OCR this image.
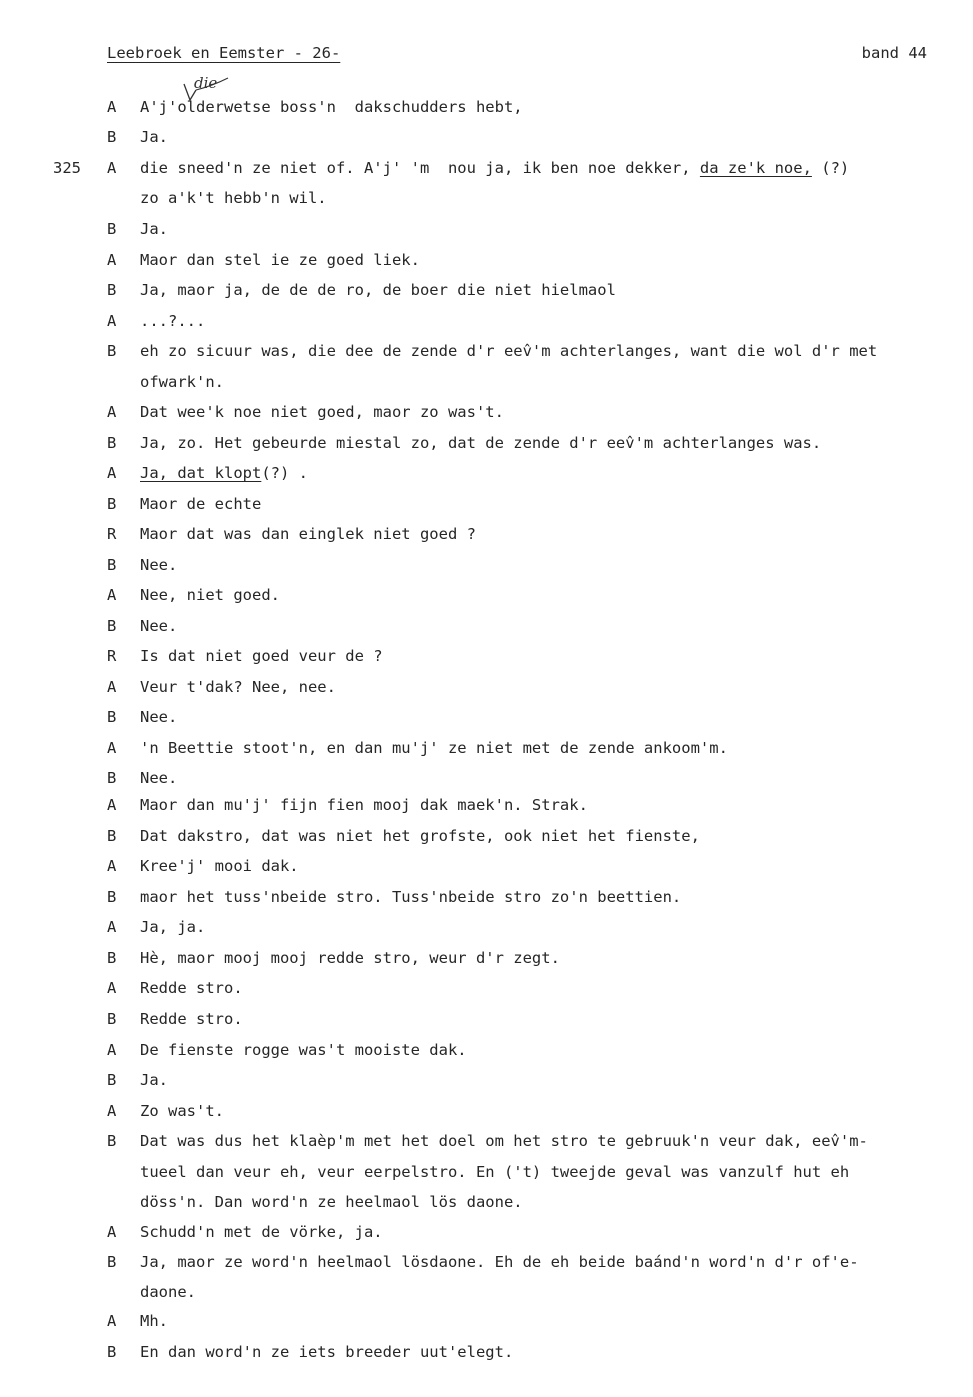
Leebroek en Eemster - 26-	band 44
die
A A'j'olderwetse boss'n  dakschudders hebt,
B Ja.
325 A die sneed'n ze niet of. A'j' 'm  nou ja, ik ben noe dekker, da ze'k noe, (?)
zo a'k't hebb'n wil.
B Ja.
A Maor dan stel ie ze goed liek.
B Ja, maor ja, de de de ro, de boer die niet hielmaol
A ...?...
B eh zo sicuur was, die dee de zende d'r eev̂'m achterlanges, want die wol d'r met
ofwark'n.
A Dat wee'k noe niet goed, maor zo was't.
B Ja, zo. Het gebeurde miestal zo, dat de zende d'r eev̂'m achterlanges was.
A Ja, dat klopt(?) .
B Maor de echte
R Maor dat was dan einglek niet goed ?
B Nee.
A Nee, niet goed.
B Nee.
R Is dat niet goed veur de ?
A Veur t'dak? Nee, nee.
B Nee.
A 'n Beettie stoot'n, en dan mu'j' ze niet met de zende ankoom'm.
B Nee.
A Maor dan mu'j' fijn fien mooj dak maek'n. Strak.
B Dat dakstro, dat was niet het grofste, ook niet het fienste,
A Kree'j' mooi dak.
B maor het tuss'nbeide stro. Tuss'nbeide stro zo'n beettien.
A Ja, ja.
B Hè, maor mooj mooj redde stro, weur d'r zegt.
A Redde stro.
B Redde stro.
A De fienste rogge was't mooiste dak.
B Ja.
A Zo was't.
B Dat was dus het klaèp'm met het doel om het stro te gebruuk'n veur dak, eev̂'m-
tueel dan veur eh, veur eerpelstro. En ('t) tweejde geval was vanzulf hut eh
döss'n. Dan word'n ze heelmaol lös daone.
A Schudd'n met de vörke, ja.
B Ja, maor ze word'n heelmaol lösdaone. Eh de eh beide baánd'n word'n d'r of'e-
daone.
A Mh.
B En dan word'n ze iets breeder uut'elegt.
